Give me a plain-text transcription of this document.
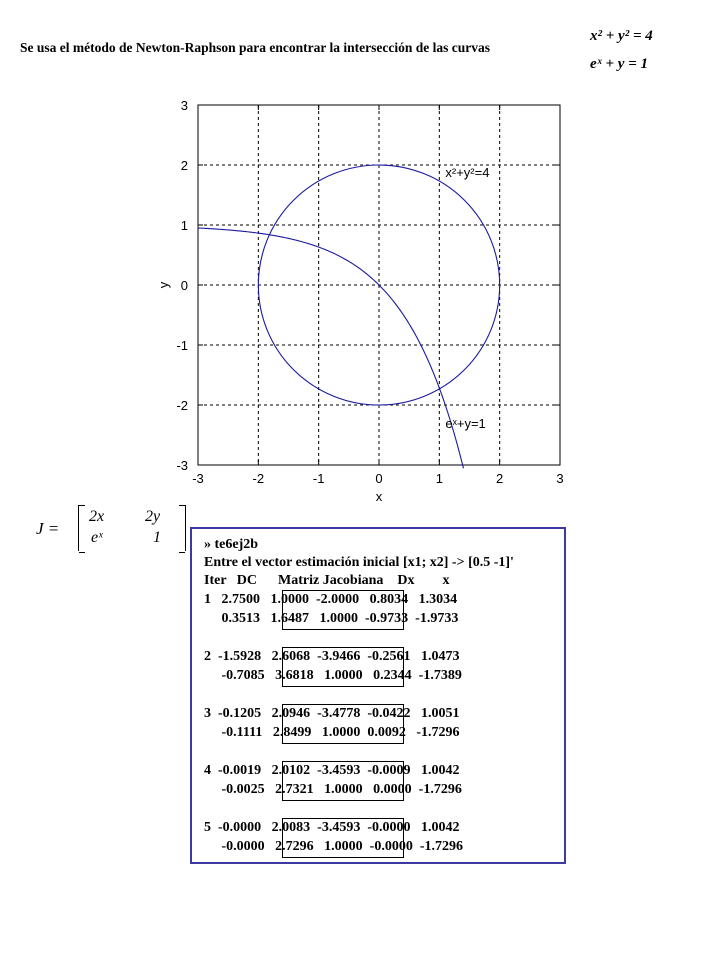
Se usa el método de Newton-Raphson para encontrar la intersección de las curvas
x² + y² = 4
eˣ + y = 1
-3	-2	-1	0	1	2	3
3
2
1
0
-1
-2
-3
x
y
x²+y²=4
eˣ+y=1
J =
2x	2y
eˣ	1	» te6ej2b
Entre el vector estimación inicial [x1; x2] -> [0.5 -1]'
Iter   DC      Matriz Jacobiana    Dx        x
1   2.7500   1.0000  -2.0000   0.8034   1.3034
0.3513   1.6487   1.0000  -0.9733  -1.9733
2  -1.5928   2.6068  -3.9466  -0.2561   1.0473
-0.7085   3.6818   1.0000   0.2344  -1.7389
3  -0.1205   2.0946  -3.4778  -0.0422   1.0051
-0.1111   2.8499   1.0000  0.0092   -1.7296
4  -0.0019   2.0102  -3.4593  -0.0009   1.0042
-0.0025   2.7321   1.0000   0.0000  -1.7296
5  -0.0000   2.0083  -3.4593  -0.0000   1.0042
-0.0000   2.7296   1.0000  -0.0000  -1.7296
